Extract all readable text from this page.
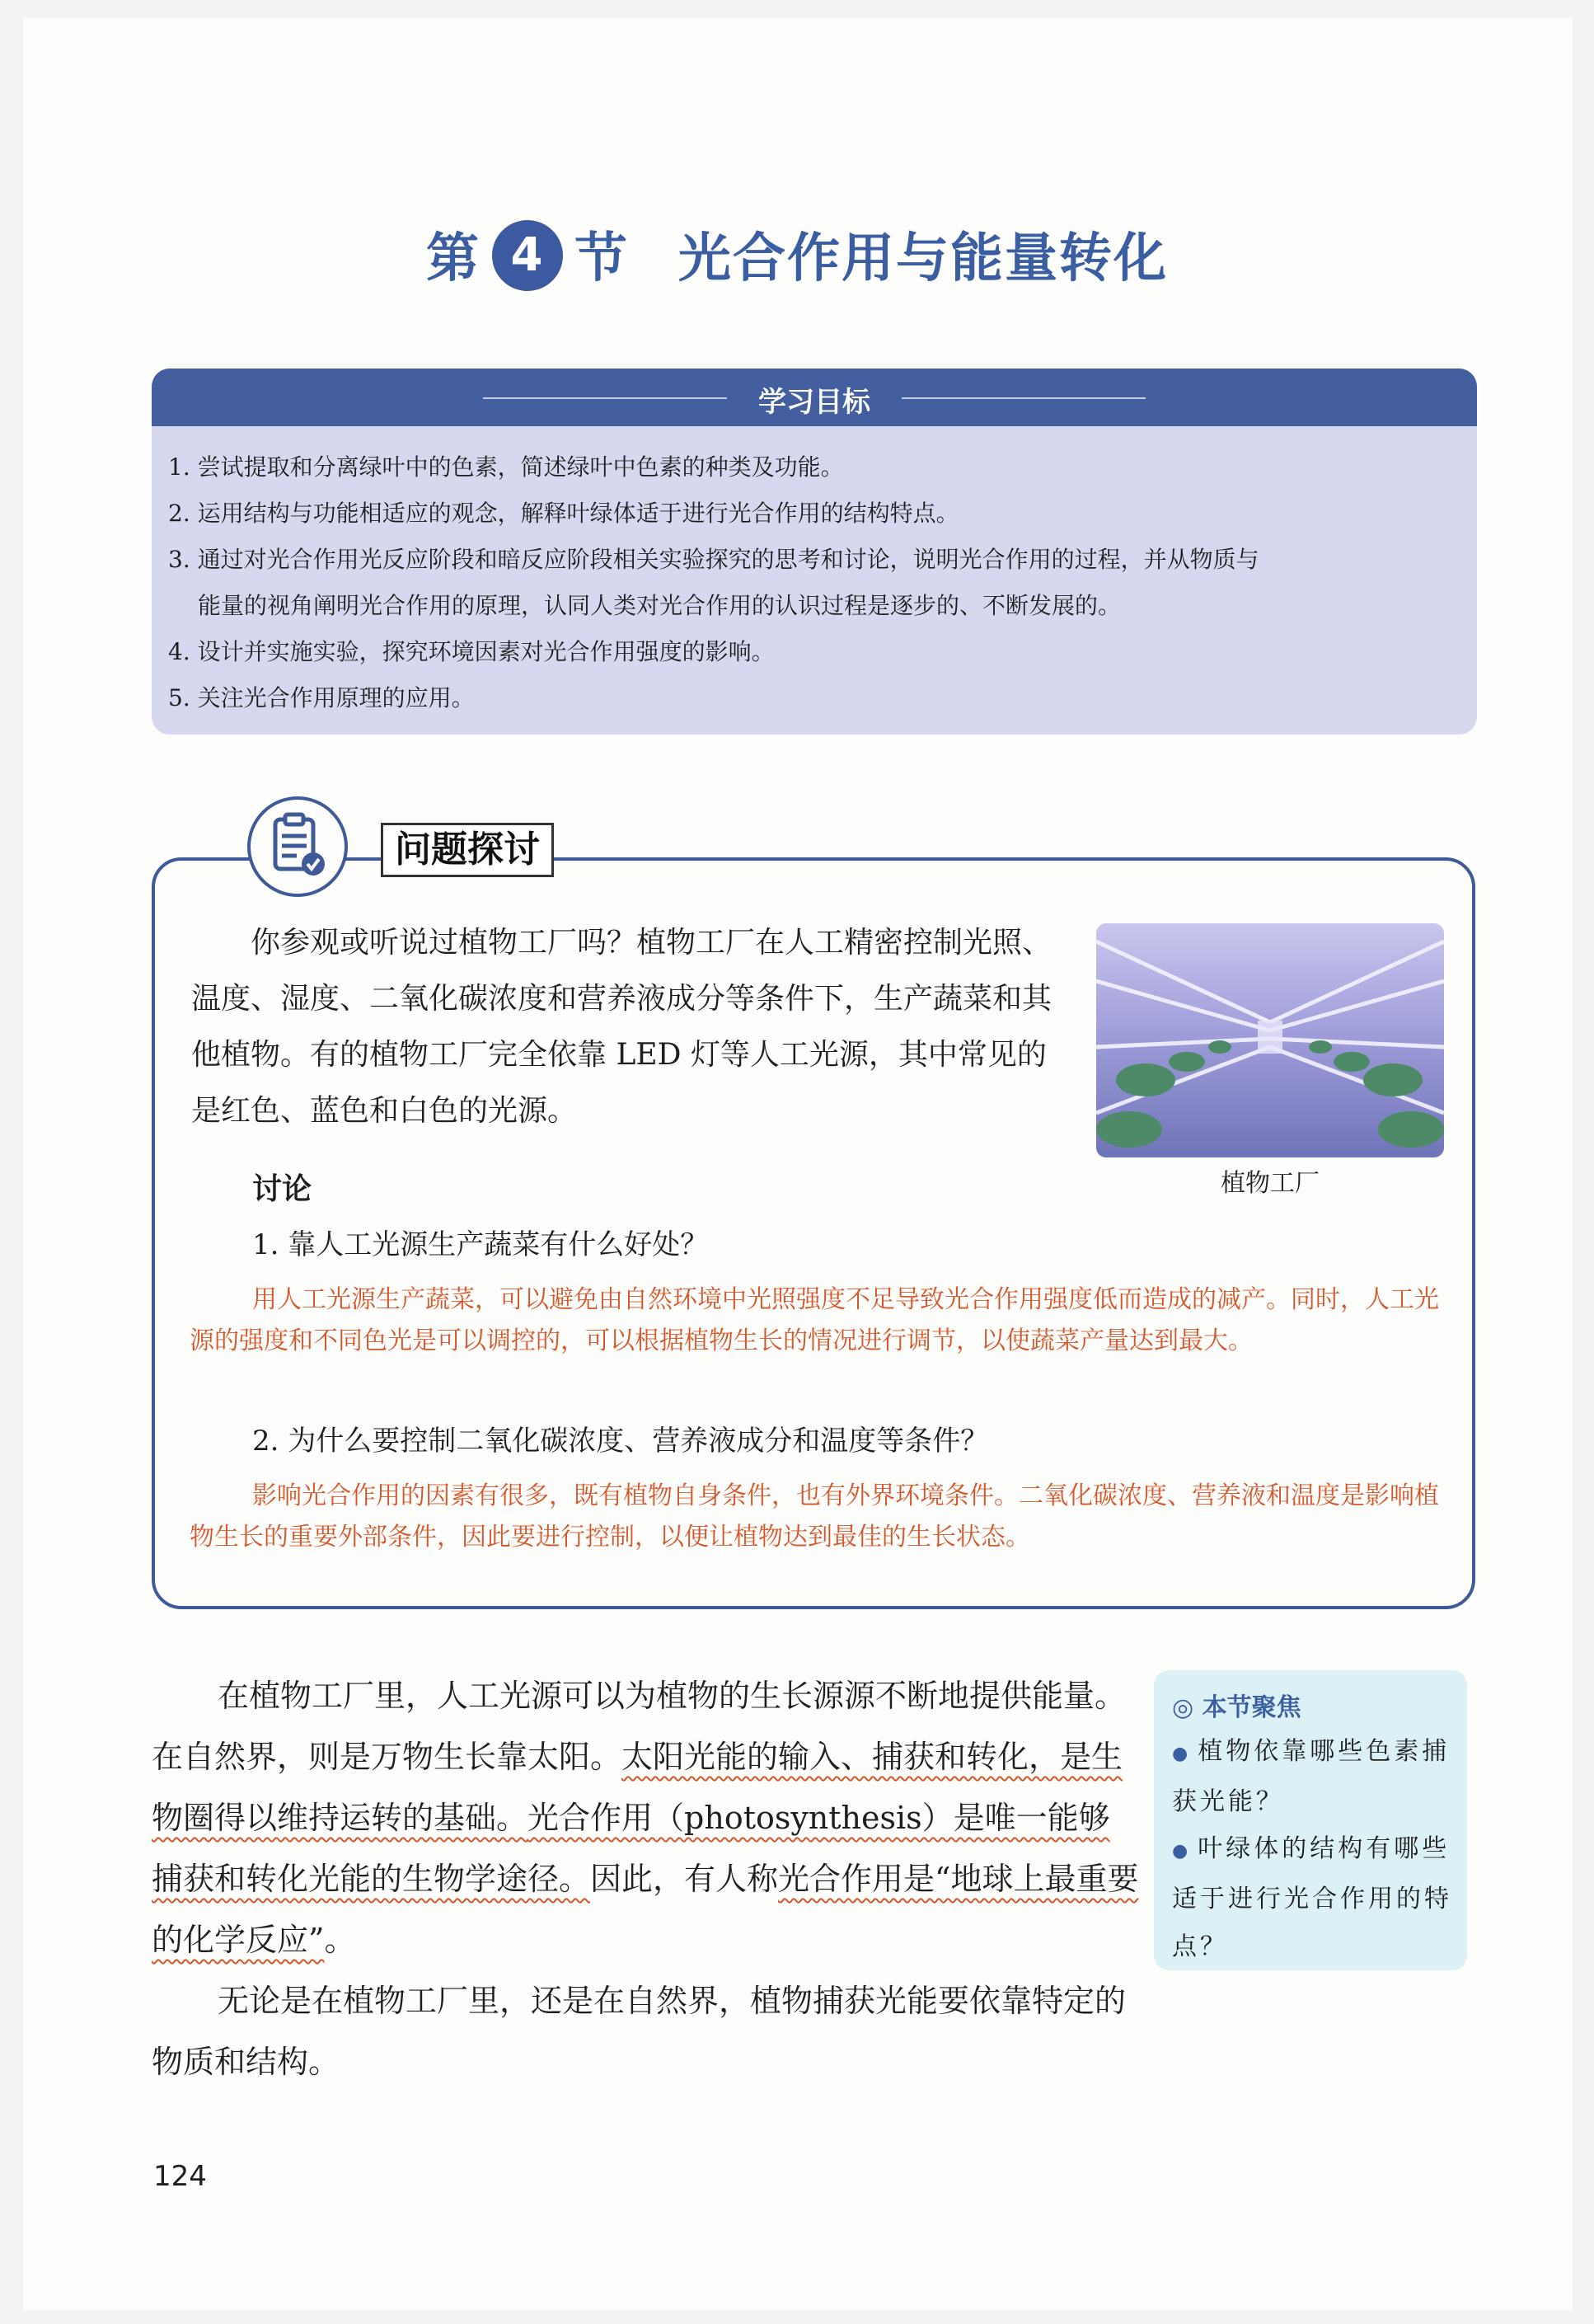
第 4 节 光合作用与能量转化
学习目标
1. 尝试提取和分离绿叶中的色素，简述绿叶中色素的种类及功能。
2. 运用结构与功能相适应的观念，解释叶绿体适于进行光合作用的结构特点。
3. 通过对光合作用光反应阶段和暗反应阶段相关实验探究的思考和讨论，说明光合作用的过程，并从物质与
能量的视角阐明光合作用的原理，认同人类对光合作用的认识过程是逐步的、不断发展的。
4. 设计并实施实验，探究环境因素对光合作用强度的影响。
5. 关注光合作用原理的应用。
问题探讨
你参观或听说过植物工厂吗？植物工厂在人工精密控制光照、温度、湿度、二氧化碳浓度和营养液成分等条件下，生产蔬菜和其他植物。有的植物工厂完全依靠 LED 灯等人工光源，其中常见的是红色、蓝色和白色的光源。
植物工厂
讨论
1. 靠人工光源生产蔬菜有什么好处？
用人工光源生产蔬菜，可以避免由自然环境中光照强度不足导致光合作用强度低而造成的减产。同时，人工光源的强度和不同色光是可以调控的，可以根据植物生长的情况进行调节，以使蔬菜产量达到最大。
2. 为什么要控制二氧化碳浓度、营养液成分和温度等条件？
影响光合作用的因素有很多，既有植物自身条件，也有外界环境条件。二氧化碳浓度、营养液和温度是影响植物生长的重要外部条件，因此要进行控制，以便让植物达到最佳的生长状态。

在植物工厂里，人工光源可以为植物的生长源源不断地提供能量。在自然界，则是万物生长靠太阳。太阳光能的输入、捕获和转化，是生物圈得以维持运转的基础。光合作用（photosynthesis）是唯一能够捕获和转化光能的生物学途径。因此，有人称光合作用是“地球上最重要的化学反应”。

无论是在植物工厂里，还是在自然界，植物捕获光能要依靠特定的物质和结构。

◎ 本节聚焦
● 植物依靠哪些色素捕获光能？
● 叶绿体的结构有哪些适于进行光合作用的特点？
124
